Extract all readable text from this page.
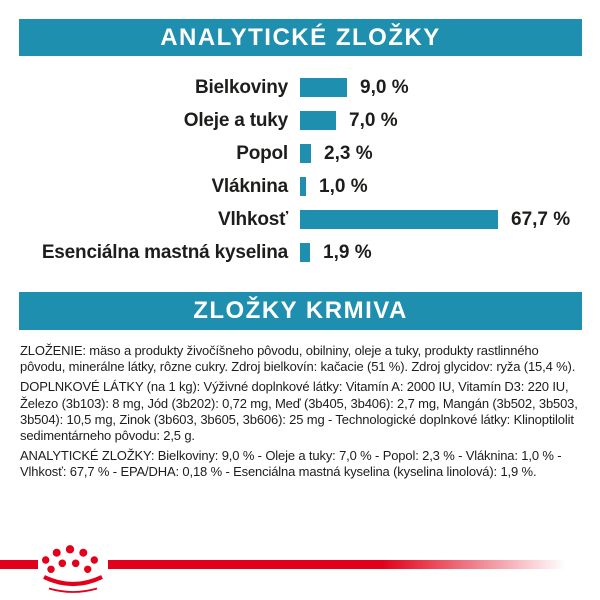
ANALYTICKÉ ZLOŽKY
Bielkoviny	9,0 %
Oleje a tuky	7,0 %
Popol 2,3 %
Vláknina 1,0 %
Vlhkosť	67,7 %
Esenciálna mastná kyselina 1,9 %
ZLOŽKY KRMIVA

ZLOŽENIE: mäso a produkty živočíšneho pôvodu, obilniny, oleje a tuky, produkty rastlinného pôvodu, minerálne látky, rôzne cukry. Zdroj bielkovín: kačacie (51 %). Zdroj glycidov: ryža (15,4 %).

DOPLNKOVÉ LÁTKY (na 1 kg): Výživné doplnkové látky: Vitamín A: 2000 IU, Vitamín D3: 220 IU, Železo (3b103): 8 mg, Jód (3b202): 0,72 mg, Meď (3b405, 3b406): 2,7 mg, Mangán (3b502, 3b503, 3b504): 10,5 mg, Zinok (3b603, 3b605, 3b606): 25 mg - Technologické doplnkové látky: Klinoptilolit sedimentárneho pôvodu: 2,5 g.

ANALYTICKÉ ZLOŽKY: Bielkoviny: 9,0 % - Oleje a tuky: 7,0 % - Popol: 2,3 % - Vláknina: 1,0 % - Vlhkosť: 67,7 % - EPA/DHA: 0,18 % - Esenciálna mastná kyselina (kyselina linolová): 1,9 %.
